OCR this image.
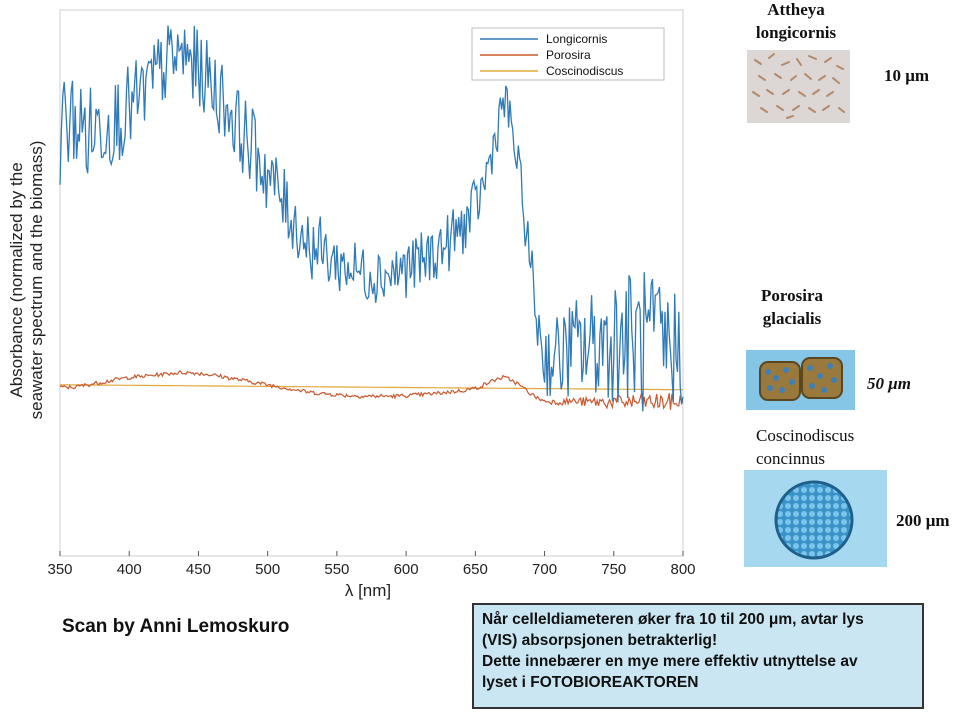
350	400	450	500	550	600	650	700	750	800
Absorbance (normalized by theseawater spectrum and the biomass)
λ [nm]
Longicornis
Porosira
Coscinodiscus
Attheya
longicornis
10 μm
Porosira
glacialis
50 μm
Coscinodiscus
concinnus
200 μm
Scan by Anni Lemoskuro	Når celleldiameteren øker fra 10 til 200 μm, avtar lys
(VIS) absorpsjonen betrakterlig!
Dette innebærer en mye mere effektiv utnyttelse av
lyset i FOTOBIOREAKTOREN
